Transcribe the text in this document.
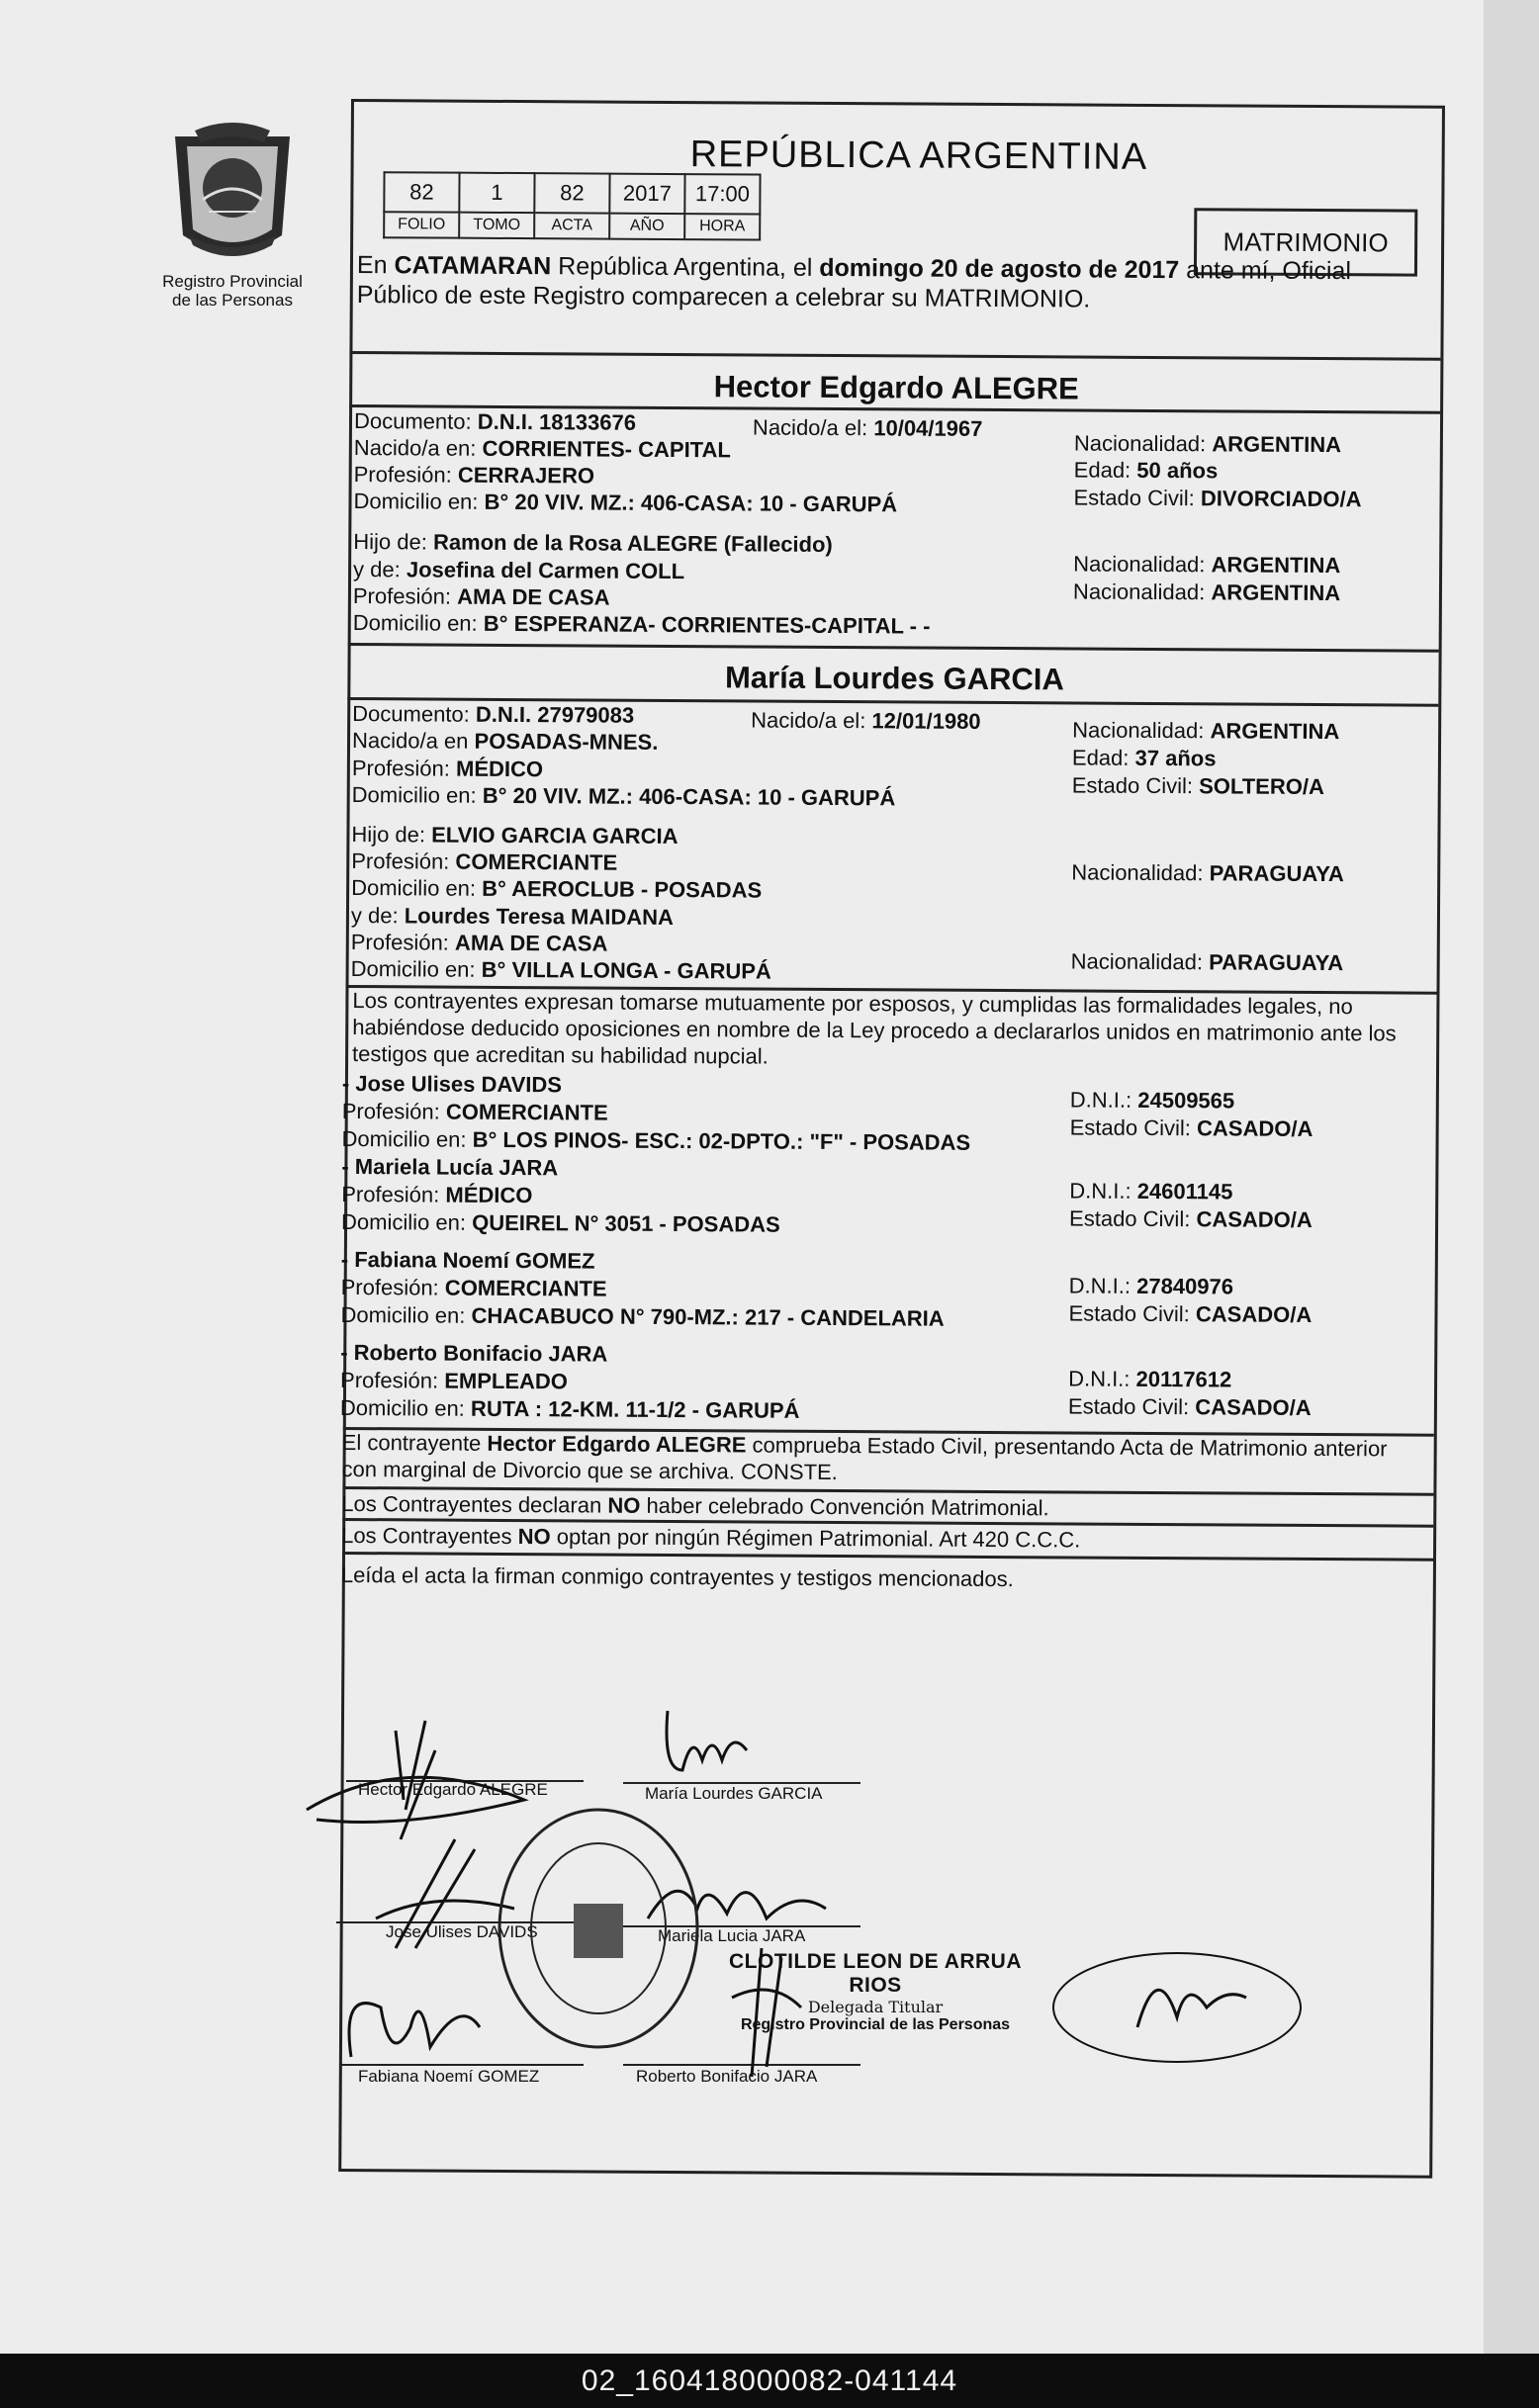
Registro Provincial
de las Personas
REPÚBLICA ARGENTINA
82	1	82	2017	17:00
FOLIO	TOMO	ACTA	AÑO	HORA
MATRIMONIO
En CATAMARAN República Argentina, el domingo 20 de agosto de 2017 ante mí, Oficial Público de este Registro comparecen a celebrar su MATRIMONIO.
Hector Edgardo ALEGRE
Documento: D.N.I. 18133676	Nacido/a el: 10/04/1967
Nacido/a en: CORRIENTES- CAPITAL
Profesión: CERRAJERO
Domicilio en: B° 20 VIV. MZ.: 406-CASA: 10 - GARUPÁ
Nacionalidad: ARGENTINA
Edad: 50 años
Estado Civil: DIVORCIADO/A
Hijo de: Ramon de la Rosa ALEGRE (Fallecido)
y de: Josefina del Carmen COLL
Profesión: AMA DE CASA
Domicilio en: B° ESPERANZA- CORRIENTES-CAPITAL - -
Nacionalidad: ARGENTINA
Nacionalidad: ARGENTINA
María Lourdes GARCIA
Documento: D.N.I. 27979083	Nacido/a el: 12/01/1980
Nacido/a en POSADAS-MNES.
Profesión: MÉDICO
Domicilio en: B° 20 VIV. MZ.: 406-CASA: 10 - GARUPÁ
Nacionalidad: ARGENTINA
Edad: 37 años
Estado Civil: SOLTERO/A
Hijo de: ELVIO GARCIA GARCIA
Profesión: COMERCIANTE
Domicilio en: B° AEROCLUB - POSADAS
y de: Lourdes Teresa MAIDANA
Profesión: AMA DE CASA
Domicilio en: B° VILLA LONGA - GARUPÁ
Nacionalidad: PARAGUAYA
Nacionalidad: PARAGUAYA
Los contrayentes expresan tomarse mutuamente por esposos, y cumplidas las formalidades legales, no habiéndose deducido oposiciones en nombre de la Ley procedo a declararlos unidos en matrimonio ante los testigos que acreditan su habilidad nupcial.
- Jose Ulises DAVIDS
Profesión: COMERCIANTE
Domicilio en: B° LOS PINOS- ESC.: 02-DPTO.: "F" - POSADAS
D.N.I.: 24509565
Estado Civil: CASADO/A
- Mariela Lucía JARA
Profesión: MÉDICO
Domicilio en: QUEIREL N° 3051 - POSADAS
D.N.I.: 24601145
Estado Civil: CASADO/A
- Fabiana Noemí GOMEZ
Profesión: COMERCIANTE
Domicilio en: CHACABUCO N° 790-MZ.: 217 - CANDELARIA
D.N.I.: 27840976
Estado Civil: CASADO/A
- Roberto Bonifacio JARA
Profesión: EMPLEADO
Domicilio en: RUTA : 12-KM. 11-1/2 - GARUPÁ
D.N.I.: 20117612
Estado Civil: CASADO/A
El contrayente Hector Edgardo ALEGRE comprueba Estado Civil, presentando Acta de Matrimonio anterior con marginal de Divorcio que se archiva. CONSTE.
Los Contrayentes declaran NO haber celebrado Convención Matrimonial.
Los Contrayentes NO optan por ningún Régimen Patrimonial. Art 420 C.C.C.
Leída el acta la firman conmigo contrayentes y testigos mencionados.
Hector Edgardo ALEGRE	María Lourdes GARCIA
Jose Ulises DAVIDS	Mariela Lucia JARA
Fabiana Noemí GOMEZ	Roberto Bonifacio JARA
CLOTILDE LEON DE ARRUA RIOS
Delegada Titular
Registro Provincial de las Personas
02_160418000082-041144
